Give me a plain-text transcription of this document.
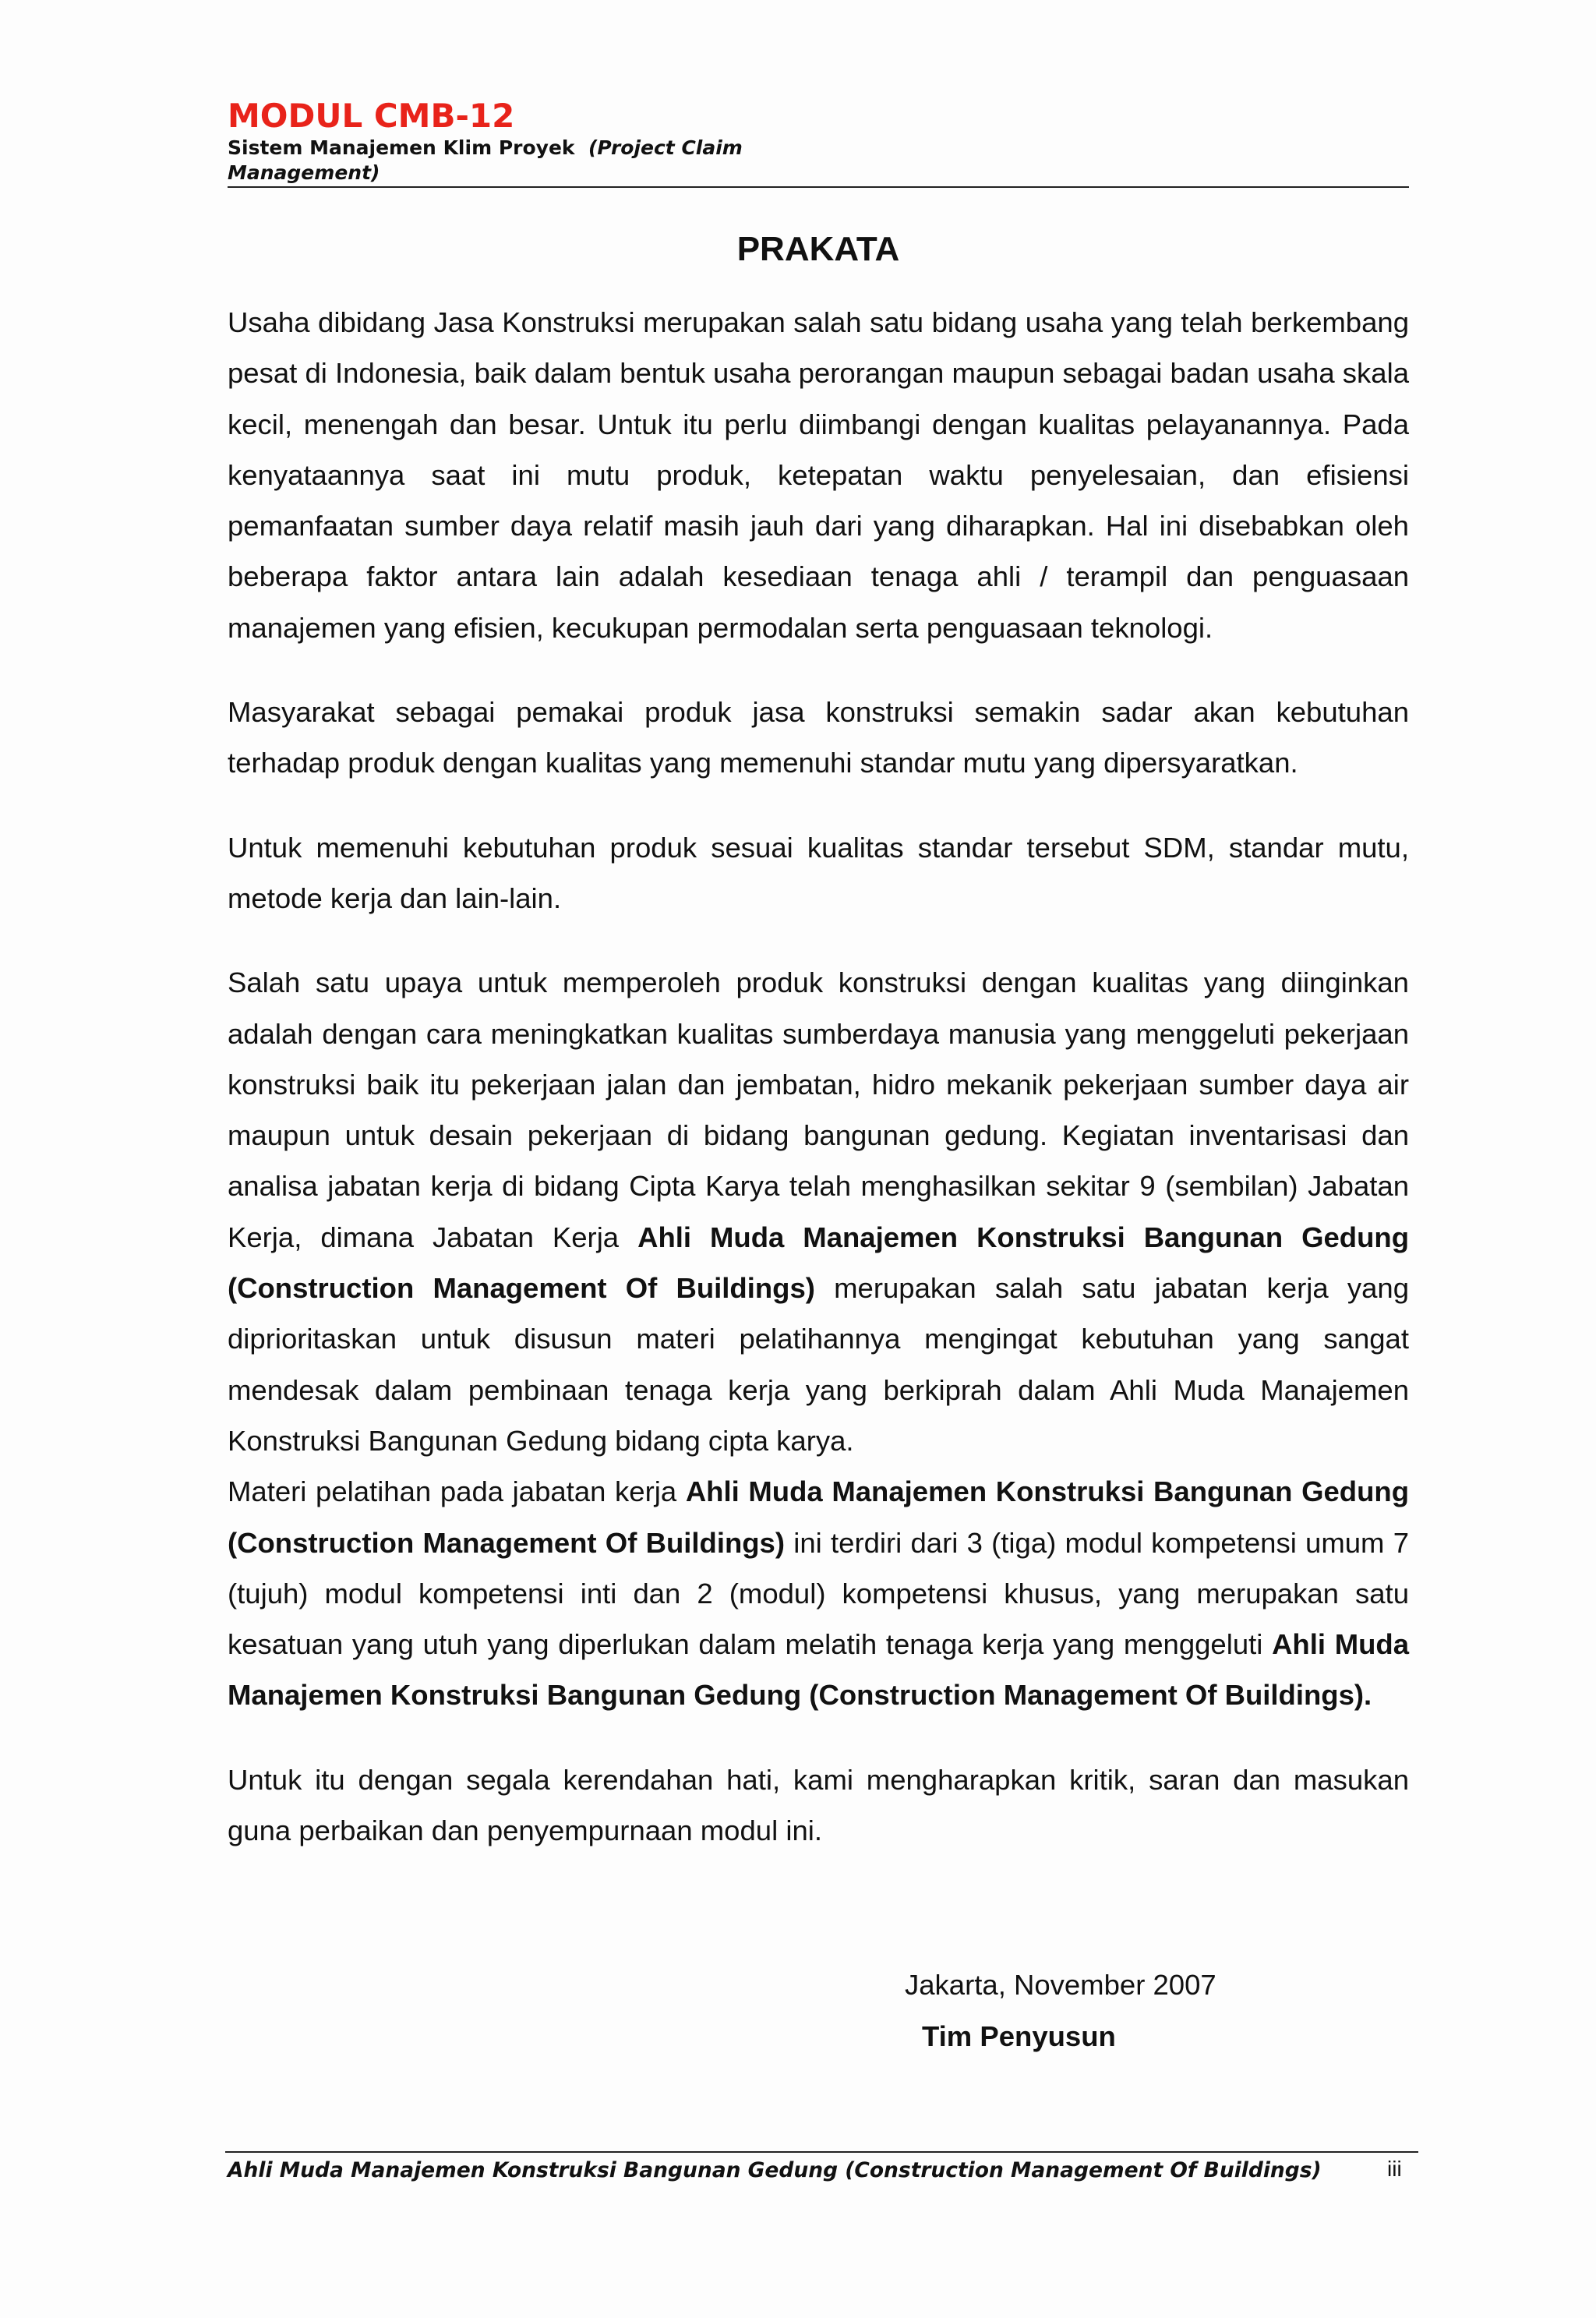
MODUL CMB-12
Sistem Manajemen Klim Proyek (Project Claim Management)
PRAKATA

Usaha dibidang Jasa Konstruksi merupakan salah satu bidang usaha yang telah berkembang pesat di Indonesia, baik dalam bentuk usaha perorangan maupun sebagai badan usaha skala kecil, menengah dan besar. Untuk itu perlu diimbangi dengan kualitas pelayanannya. Pada kenyataannya saat ini mutu produk, ketepatan waktu penyelesaian, dan efisiensi pemanfaatan sumber daya relatif masih jauh dari yang diharapkan. Hal ini disebabkan oleh beberapa faktor antara lain adalah kesediaan tenaga ahli / terampil dan penguasaan manajemen yang efisien, kecukupan permodalan serta penguasaan teknologi.

Masyarakat sebagai pemakai produk jasa konstruksi semakin sadar akan kebutuhan terhadap produk dengan kualitas yang memenuhi standar mutu yang dipersyaratkan.

Untuk memenuhi kebutuhan produk sesuai kualitas standar tersebut SDM, standar mutu, metode kerja dan lain-lain.

Salah satu upaya untuk memperoleh produk konstruksi dengan kualitas yang diinginkan adalah dengan cara meningkatkan kualitas sumberdaya manusia yang menggeluti pekerjaan konstruksi baik itu pekerjaan jalan dan jembatan, hidro mekanik pekerjaan sumber daya air maupun untuk desain pekerjaan di bidang bangunan gedung. Kegiatan inventarisasi dan analisa jabatan kerja di bidang Cipta Karya telah menghasilkan sekitar 9 (sembilan) Jabatan Kerja, dimana Jabatan Kerja Ahli Muda Manajemen Konstruksi Bangunan Gedung (Construction Management Of Buildings) merupakan salah satu jabatan kerja yang diprioritaskan untuk disusun materi pelatihannya mengingat kebutuhan yang sangat mendesak dalam pembinaan tenaga kerja yang berkiprah dalam Ahli Muda Manajemen Konstruksi Bangunan Gedung bidang cipta karya.

Materi pelatihan pada jabatan kerja Ahli Muda Manajemen Konstruksi Bangunan Gedung (Construction Management Of Buildings) ini terdiri dari 3 (tiga) modul kompetensi umum 7 (tujuh) modul kompetensi inti dan 2 (modul) kompetensi khusus, yang merupakan satu kesatuan yang utuh yang diperlukan dalam melatih tenaga kerja yang menggeluti Ahli Muda Manajemen Konstruksi Bangunan Gedung (Construction Management Of Buildings).

Untuk itu dengan segala kerendahan hati, kami mengharapkan kritik, saran dan masukan guna perbaikan dan penyempurnaan modul ini.

Jakarta, November 2007
Tim Penyusun
Ahli Muda Manajemen Konstruksi Bangunan Gedung (Construction Management Of Buildings)	iii
